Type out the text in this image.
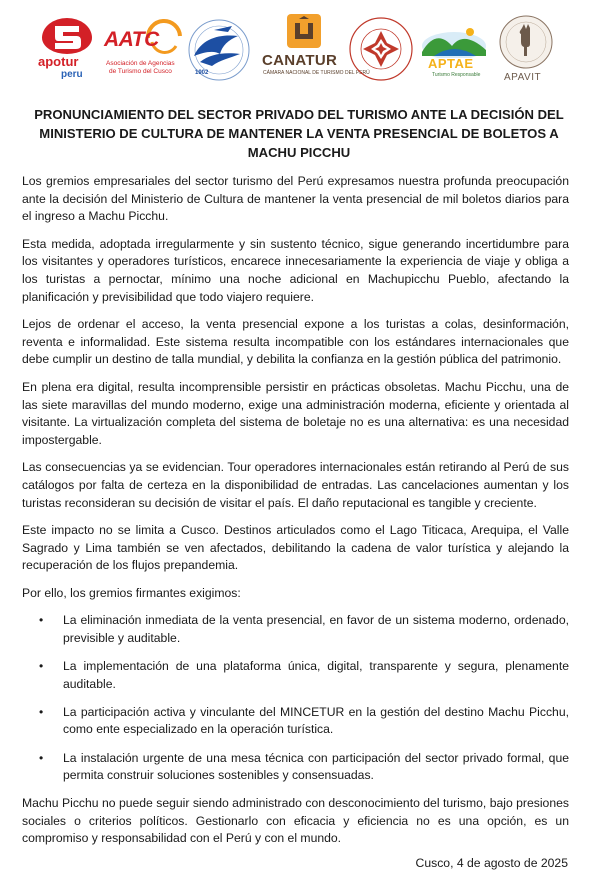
apotur
peru
AATC
Asociación de Agencias
de Turismo del Cusco	1902
CANATUR
CÁMARA NACIONAL DE TURISMO DEL PERÚ
APTAE
Turismo Responsable APAVIT
PRONUNCIAMIENTO DEL SECTOR PRIVADO DEL TURISMO ANTE LA DECISIÓN DEL MINISTERIO DE CULTURA DE MANTENER LA VENTA PRESENCIAL DE BOLETOS A MACHU PICCHU

Los gremios empresariales del sector turismo del Perú expresamos nuestra profunda preocupación ante la decisión del Ministerio de Cultura de mantener la venta presencial de mil boletos diarios para el ingreso a Machu Picchu.

Esta medida, adoptada irregularmente y sin sustento técnico, sigue generando incertidumbre para los visitantes y operadores turísticos, encarece innecesariamente la experiencia de viaje y obliga a los turistas a pernoctar, mínimo una noche adicional en Machupicchu Pueblo, afectando la planificación y previsibilidad que todo viajero requiere.

Lejos de ordenar el acceso, la venta presencial expone a los turistas a colas, desinformación, reventa e informalidad. Este sistema resulta incompatible con los estándares internacionales que debe cumplir un destino de talla mundial, y debilita la confianza en la gestión pública del patrimonio.

En plena era digital, resulta incomprensible persistir en prácticas obsoletas. Machu Picchu, una de las siete maravillas del mundo moderno, exige una administración moderna, eficiente y orientada al visitante. La virtualización completa del sistema de boletaje no es una alternativa: es una necesidad impostergable.

Las consecuencias ya se evidencian. Tour operadores internacionales están retirando al Perú de sus catálogos por falta de certeza en la disponibilidad de entradas. Las cancelaciones aumentan y los turistas reconsideran su decisión de visitar el país. El daño reputacional es tangible y creciente.

Este impacto no se limita a Cusco. Destinos articulados como el Lago Titicaca, Arequipa, el Valle Sagrado y Lima también se ven afectados, debilitando la cadena de valor turística y alejando la recuperación de los flujos prepandemia.

Por ello, los gremios firmantes exigimos:

• La eliminación inmediata de la venta presencial, en favor de un sistema moderno, ordenado, previsible y auditable.
• La implementación de una plataforma única, digital, transparente y segura, plenamente auditable.
• La participación activa y vinculante del MINCETUR en la gestión del destino Machu Picchu, como ente especializado en la operación turística.
• La instalación urgente de una mesa técnica con participación del sector privado formal, que permita construir soluciones sostenibles y consensuadas.

Machu Picchu no puede seguir siendo administrado con desconocimiento del turismo, bajo presiones sociales o criterios políticos. Gestionarlo con eficacia y eficiencia no es una opción, es un compromiso y responsabilidad con el Perú y con el mundo.

Cusco, 4 de agosto de 2025
